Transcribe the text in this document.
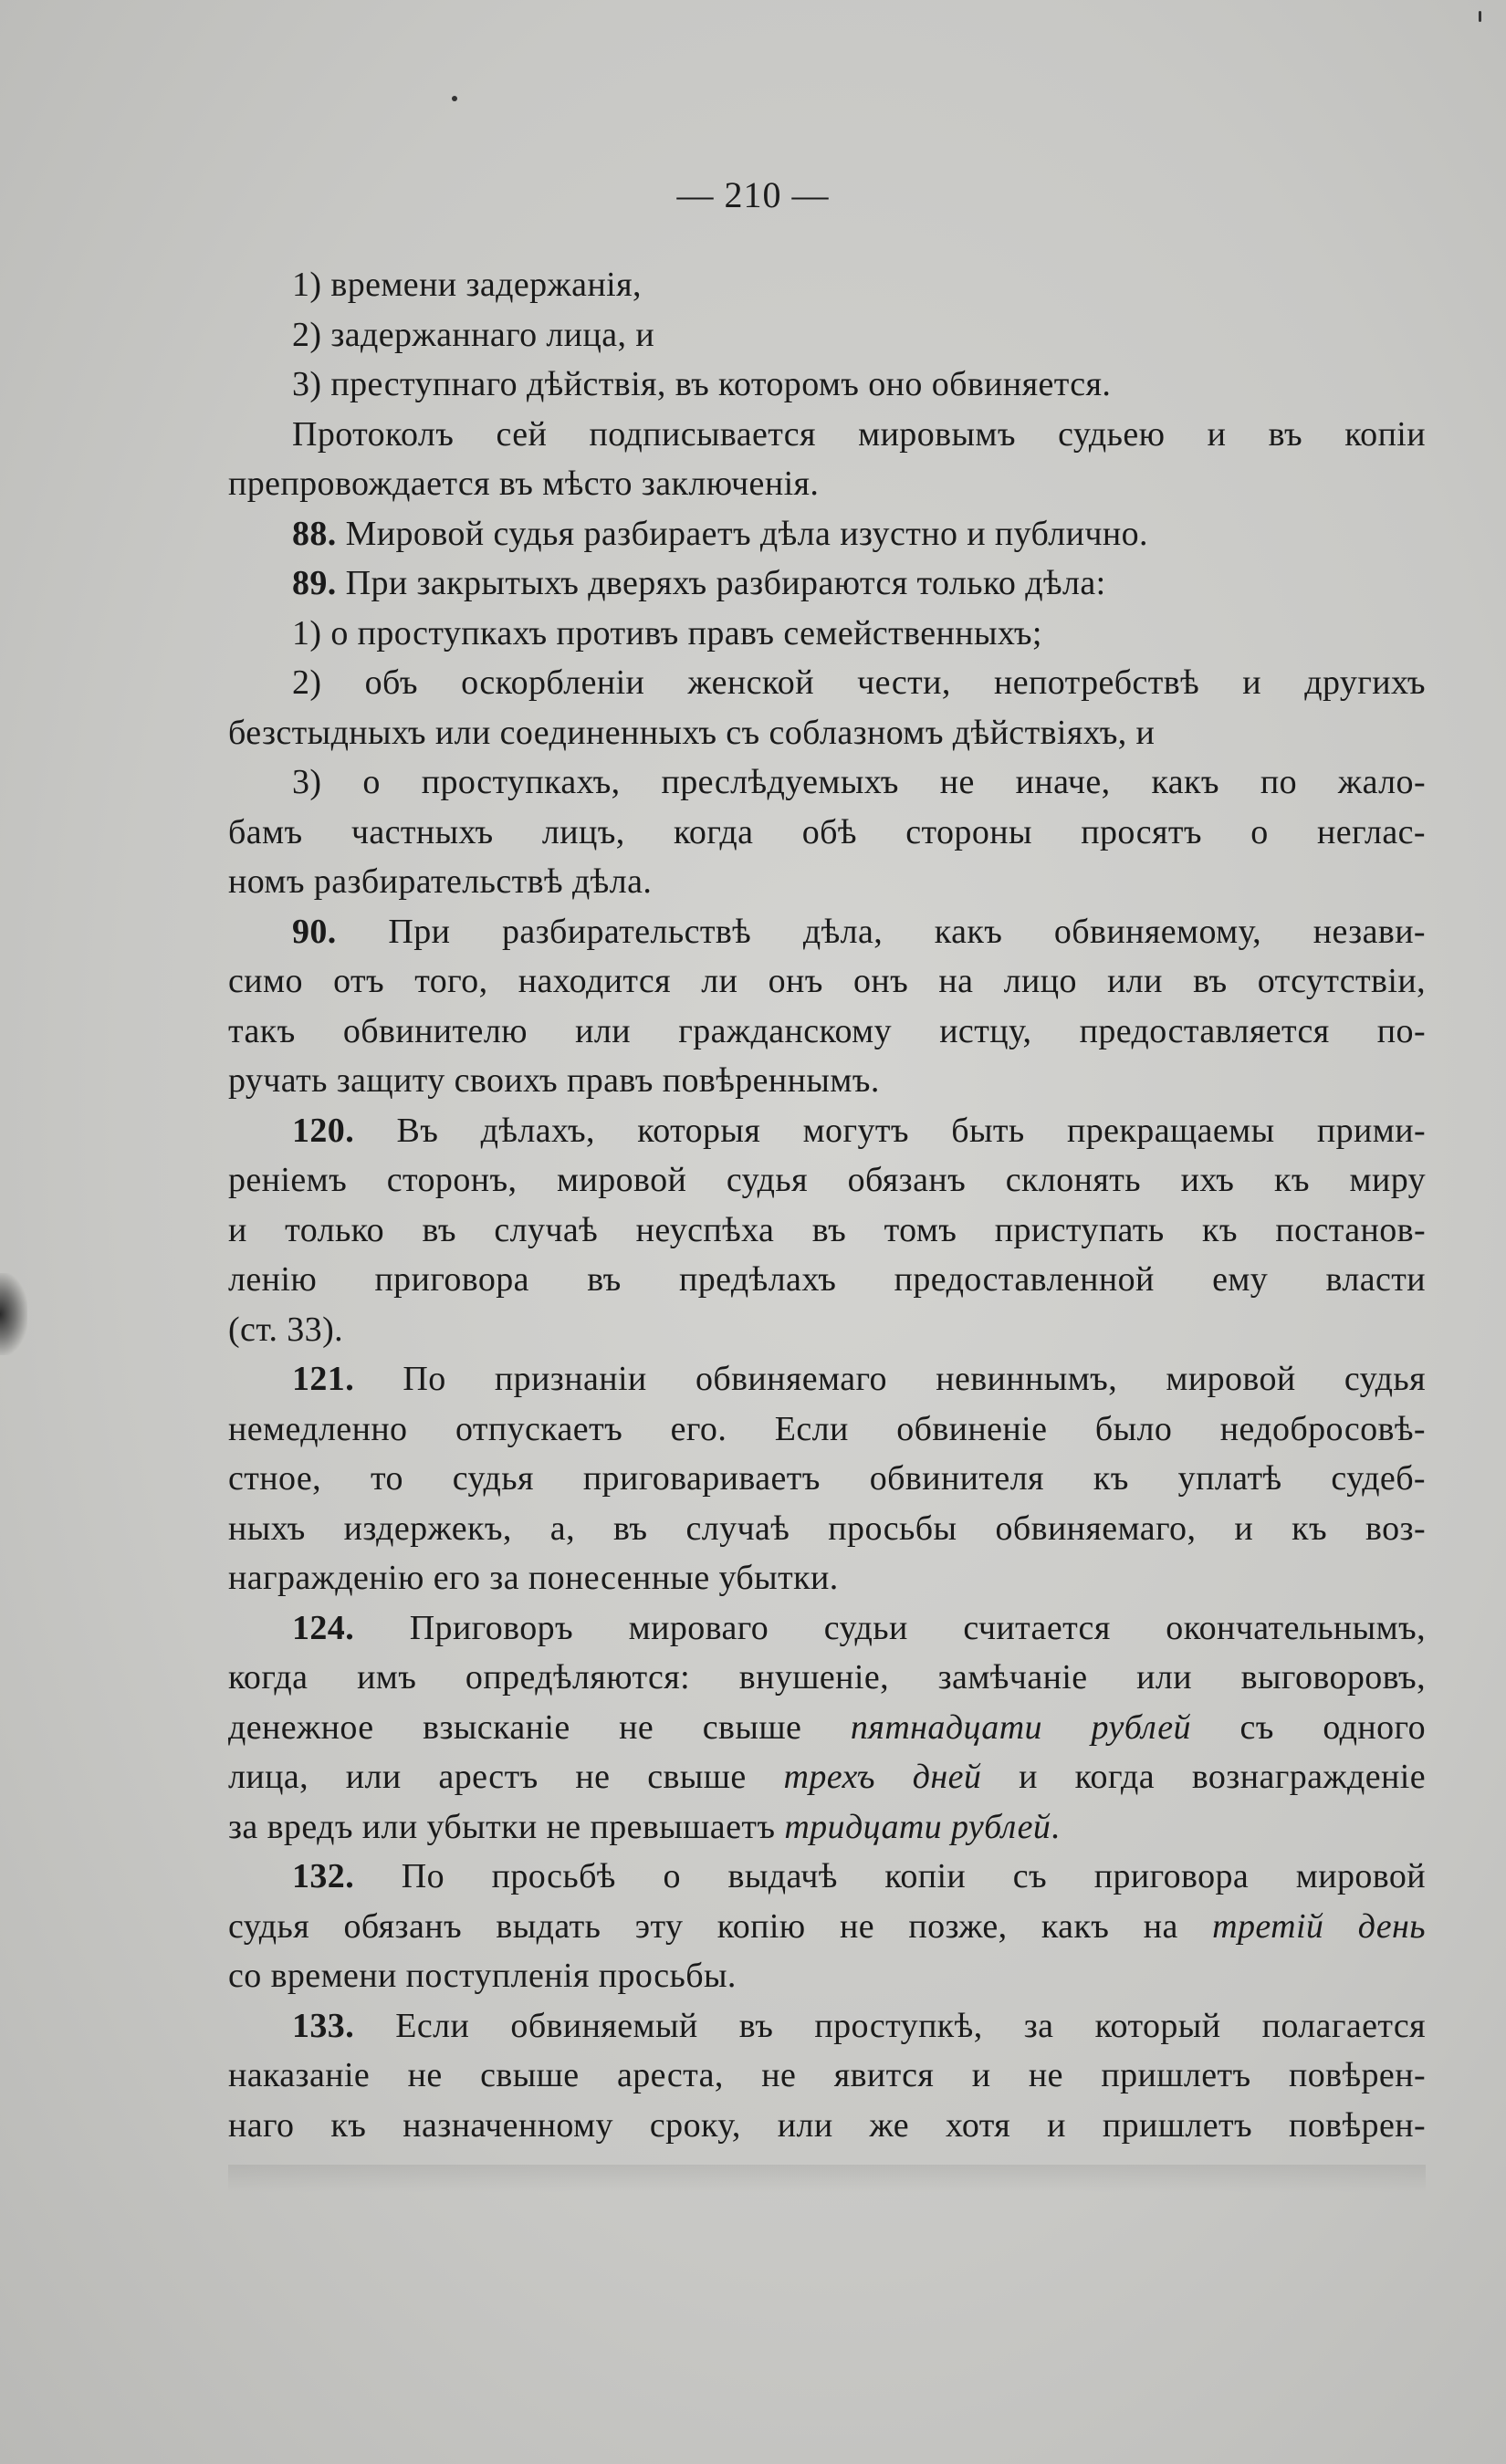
— 210 —
1) времени задержанія,
2) задержаннаго лица, и
3) преступнаго дѣйствія, въ которомъ оно обвиняется.
Протоколъ сей подписывается мировымъ судьею и въ копіи
препровождается въ мѣсто заключенія.
88. Мировой судья разбираетъ дѣла изустно и публично.
89. При закрытыхъ дверяхъ разбираются только дѣла:
1) о проступкахъ противъ правъ семейственныхъ;
2) объ оскорбленіи женской чести, непотребствѣ и другихъ
безстыдныхъ или соединенныхъ съ соблазномъ дѣйствіяхъ, и
3) о проступкахъ, преслѣдуемыхъ не иначе, какъ по жало-
бамъ частныхъ лицъ, когда обѣ стороны просятъ о неглас-
номъ разбирательствѣ дѣла.
90. При разбирательствѣ дѣла, какъ обвиняемому, незави-
симо отъ того, находится ли онъ онъ на лицо или въ отсутствіи,
такъ обвинителю или гражданскому истцу, предоставляется по-
ручать защиту своихъ правъ повѣреннымъ.
120. Въ дѣлахъ, которыя могутъ быть прекращаемы прими-
реніемъ сторонъ, мировой судья обязанъ склонять ихъ къ миру
и только въ случаѣ неуспѣха въ томъ приступать къ постанов-
ленію приговора въ предѣлахъ предоставленной ему власти
(ст. 33).
121. По признаніи обвиняемаго невиннымъ, мировой судья
немедленно отпускаетъ его. Если обвиненіе было недобросовѣ-
стное, то судья приговариваетъ обвинителя къ уплатѣ судеб-
ныхъ издержекъ, а, въ случаѣ просьбы обвиняемаго, и къ воз-
награжденію его за понесенные убытки.
124. Приговоръ мироваго судьи считается окончательнымъ,
когда имъ опредѣляются: внушеніе, замѣчаніе или выговоровъ,
денежное взысканіе не свыше пятнадцати рублей съ одного
лица, или арестъ не свыше трехъ дней и когда вознагражденіе
за вредъ или убытки не превышаетъ тридцати рублей.
132. По просьбѣ о выдачѣ копіи съ приговора мировой
судья обязанъ выдать эту копію не позже, какъ на третій день
со времени поступленія просьбы.
133. Если обвиняемый въ проступкѣ, за который полагается
наказаніе не свыше ареста, не явится и не пришлетъ повѣрен-
наго къ назначенному сроку, или же хотя и пришлетъ повѣрен-
